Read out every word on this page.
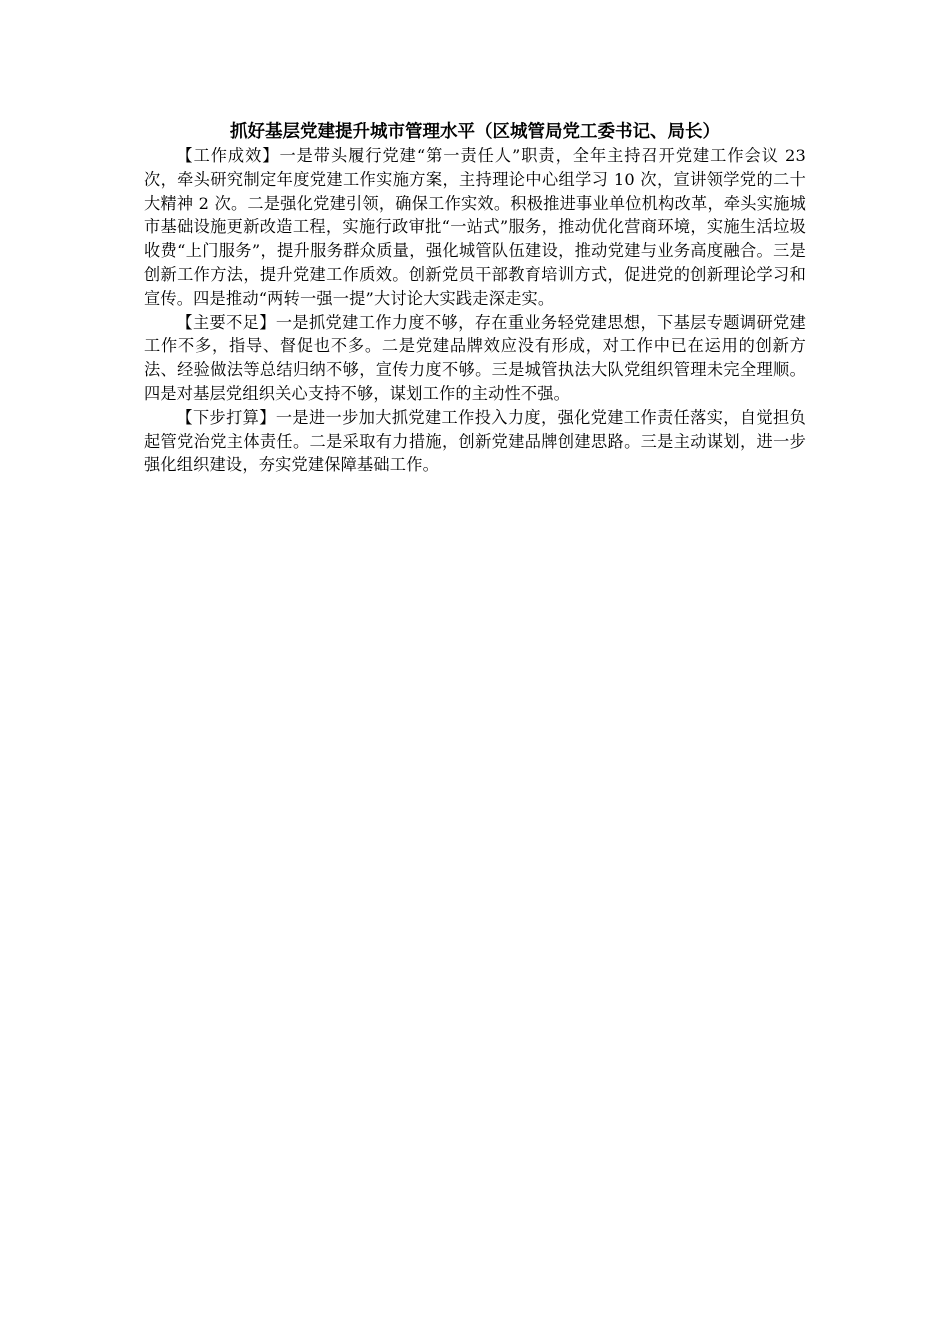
抓好基层党建提升城市管理水平（区城管局党工委书记、局长）

【工作成效】一是带头履行党建“第一责任人”职责，全年主持召开党建工作会议 23 次，牵头研究制定年度党建工作实施方案，主持理论中心组学习 10 次，宣讲领学党的二十大精神 2 次。二是强化党建引领，确保工作实效。积极推进事业单位机构改革，牵头实施城市基础设施更新改造工程，实施行政审批“一站式”服务，推动优化营商环境，实施生活垃圾收费“上门服务”，提升服务群众质量，强化城管队伍建设，推动党建与业务高度融合。三是创新工作方法，提升党建工作质效。创新党员干部教育培训方式，促进党的创新理论学习和宣传。四是推动“两转一强一提”大讨论大实践走深走实。

【主要不足】一是抓党建工作力度不够，存在重业务轻党建思想，下基层专题调研党建工作不多，指导、督促也不多。二是党建品牌效应没有形成，对工作中已在运用的创新方法、经验做法等总结归纳不够，宣传力度不够。三是城管执法大队党组织管理未完全理顺。四是对基层党组织关心支持不够，谋划工作的主动性不强。

【下步打算】一是进一步加大抓党建工作投入力度，强化党建工作责任落实，自觉担负起管党治党主体责任。二是采取有力措施，创新党建品牌创建思路。三是主动谋划，进一步强化组织建设，夯实党建保障基础工作。
